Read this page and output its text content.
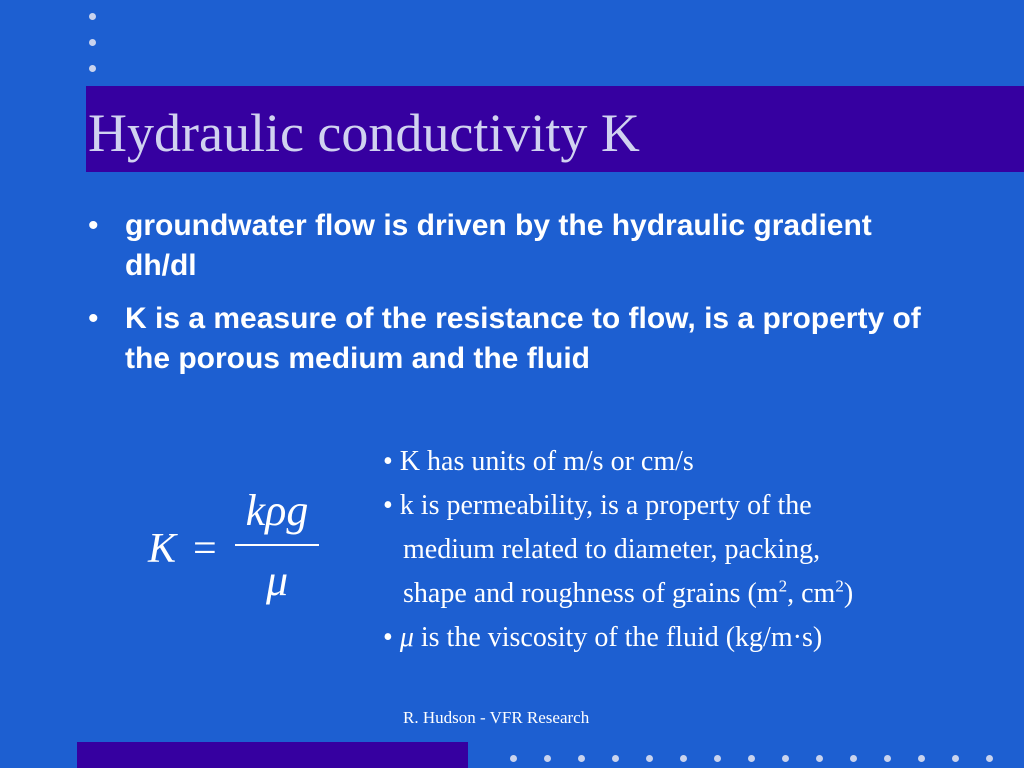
Hydraulic conductivity K
• groundwater flow is driven by the hydraulic gradient dh/dl
• K is a measure of the resistance to flow, is a property of the porous medium and the fluid
K =
kρg
μ
• K has units of m/s or cm/s
• k is permeability, is a property of the
medium related to diameter, packing,
shape and roughness of grains ($m^2$, $cm^2$)
• μ is the viscosity of the fluid (kg/m·s)
R. Hudson - VFR Research
